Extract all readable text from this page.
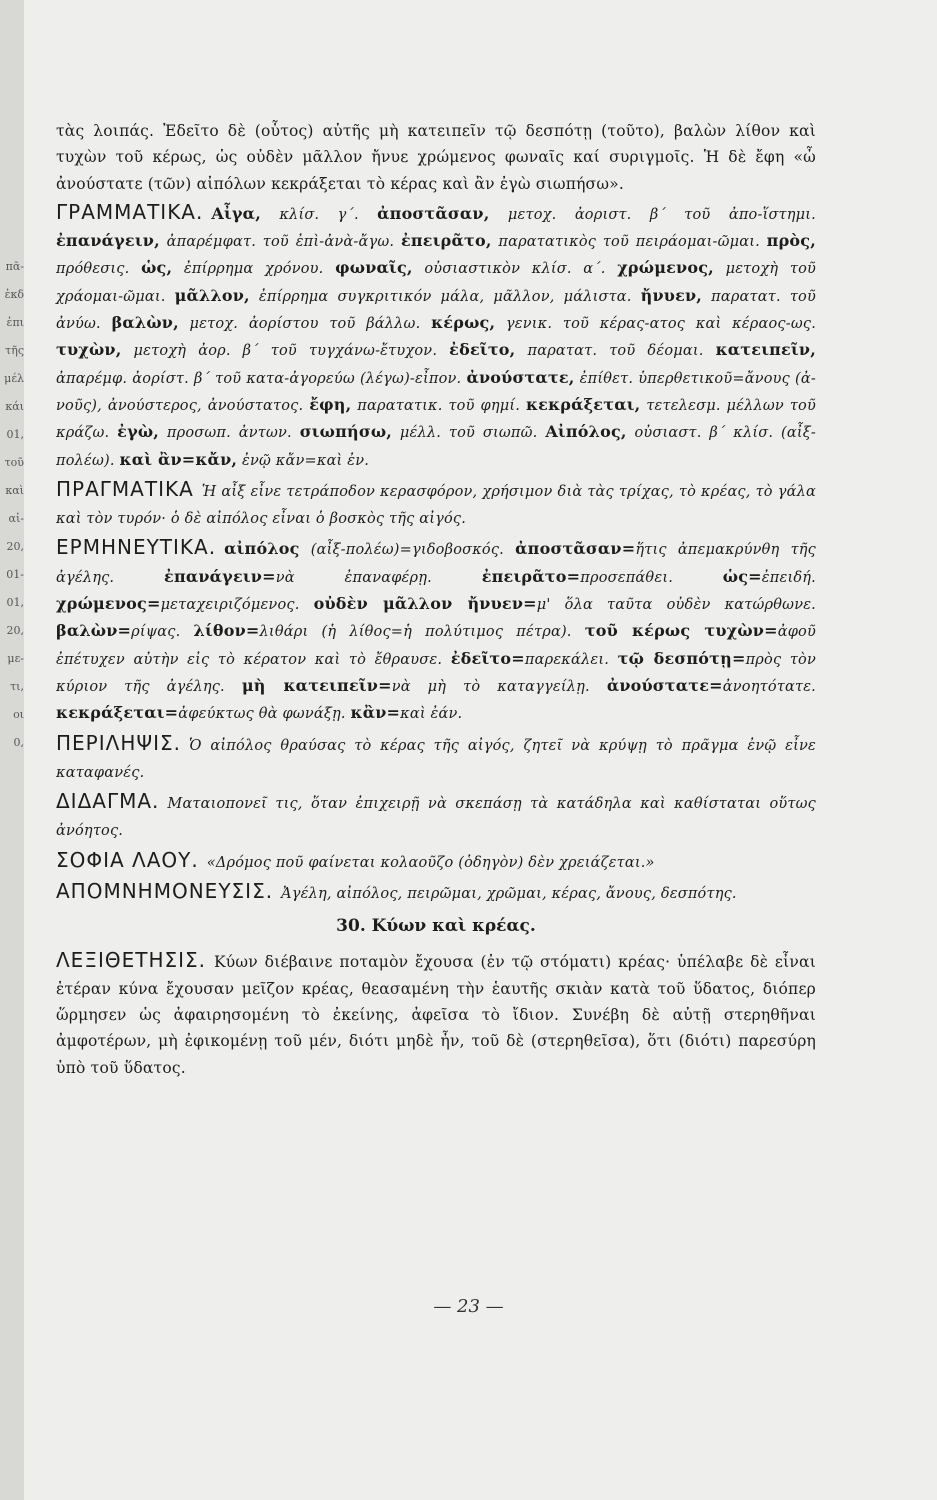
πᾶ-
ἐκδ
ἐπι
τῆς
μέλ
κάι
01,
τοῦ
καὶ
αἱ-
20,
01-
01,
20,
με-
τι,
οι
0,

τὰς λοιπάς. Ἐδεῖτο δὲ (οὗτος) αὐτῆς μὴ κατειπεῖν τῷ δεσπότῃ (τοῦτο), βαλὼν λίθον καὶ τυχὼν τοῦ κέρως, ὡς οὐδὲν μᾶλλον ἤνυε χρώμενος φωναῖς καί συριγμοῖς. Ἡ δὲ ἔφη «ὦ ἀνούστατε (τῶν) αἰπόλων κεκράξεται τὸ κέρας καὶ ἂν ἐγὼ σιωπήσω».

ΓΡΑΜΜΑΤΙΚΑ. Αἶγα, κλίσ. γ΄. ἀποστᾶσαν, μετοχ. ἀοριστ. β΄ τοῦ ἀπο-ἵστημι. ἐπανάγειν, ἀπαρέμφατ. τοῦ ἐπὶ-ἀνὰ-ἄγω. ἐπειρᾶτο, παρατατικὸς τοῦ πειράομαι-ῶμαι. πρὸς, πρόθεσις. ὡς, ἐπίρρημα χρόνου. φωναῖς, οὐσιαστικὸν κλίσ. α΄. χρώμενος, μετοχὴ τοῦ χράομαι-ῶμαι. μᾶλλον, ἐπίρρημα συγκριτικόν μάλα, μᾶλλον, μάλιστα. ἤνυεν, παρατατ. τοῦ ἀνύω. βαλὼν, μετοχ. ἀορίστου τοῦ βάλλω. κέρως, γενικ. τοῦ κέρας-ατος καὶ κέραος-ως. τυχὼν, μετοχὴ ἀορ. β΄ τοῦ τυγχάνω-ἔτυχον. ἐδεῖτο, παρατατ. τοῦ δέομαι. κατειπεῖν, ἀπαρέμφ. ἀορίστ. β΄ τοῦ κατα-ἀγορεύω (λέγω)-εἶπον. ἀνούστατε, ἐπίθετ. ὑπερθετικοῦ=ἄνους (ἀ-νοῦς), ἀνούστερος, ἀνούστατος. ἔφη, παρατατικ. τοῦ φημί. κεκράξεται, τετελεσμ. μέλλων τοῦ κράζω. ἐγὼ, προσωπ. ἀντων. σιωπήσω, μέλλ. τοῦ σιωπῶ. Αἰπόλος, οὐσιαστ. β΄ κλίσ. (αἶξ-πολέω). καὶ ἂν=κἄν, ἐνῷ κἄν=καὶ ἐν.

ΠΡΑΓΜΑΤΙΚΑ Ἡ αἶξ εἶνε τετράποδον κερασφόρον, χρήσιμον διὰ τὰς τρίχας, τὸ κρέας, τὸ γάλα καὶ τὸν τυρόν· ὁ δὲ αἰπόλος εἶναι ὁ βοσκὸς τῆς αἰγός.

ΕΡΜΗΝΕΥΤΙΚΑ. αἰπόλος (αἶξ-πολέω)=γιδοβοσκός. ἀποστᾶσαν=ἥτις ἀπεμακρύνθη τῆς ἀγέλης. ἐπανάγειν=νὰ ἐπαναφέρῃ. ἐπειρᾶτο=προσεπάθει. ὡς=ἐπειδή. χρώμενος=μεταχειριζόμενος. οὐδὲν μᾶλλον ἤνυεν=μ' ὅλα ταῦτα οὐδὲν κατώρθωνε. βαλὼν=ρίψας. λίθον=λιθάρι (ἡ λίθος=ἡ πολύτιμος πέτρα). τοῦ κέρως τυχὼν=ἀφοῦ ἐπέτυχεν αὐτὴν εἰς τὸ κέρατον καὶ τὸ ἔθραυσε. ἐδεῖτο=παρεκάλει. τῷ δεσπότῃ=πρὸς τὸν κύριον τῆς ἀγέλης. μὴ κατειπεῖν=νὰ μὴ τὸ καταγγείλῃ. ἀνούστατε=ἀνοητότατε. κεκράξεται=ἀφεύκτως θὰ φωνάξῃ. κἂν=καὶ ἐάν.

ΠΕΡΙΛΗΨΙΣ. Ὁ αἰπόλος θραύσας τὸ κέρας τῆς αἰγός, ζητεῖ νὰ κρύψῃ τὸ πρᾶγμα ἐνῷ εἶνε καταφανές.

ΔΙΔΑΓΜΑ. Ματαιοπονεῖ τις, ὅταν ἐπιχειρῇ νὰ σκεπάσῃ τὰ κατάδηλα καὶ καθίσταται οὕτως ἀνόητος.

ΣΟΦΙΑ ΛΑΟΥ. «Δρόμος ποῦ φαίνεται κολαοῦζο (ὁδηγὸν) δὲν χρειάζεται.»

ΑΠΟΜΝΗΜΟΝΕΥΣΙΣ. Ἀγέλη, αἰπόλος, πειρῶμαι, χρῶμαι, κέρας, ἄνους, δεσπότης.

30. Κύων καὶ κρέας.

ΛΕΞΙΘΕΤΗΣΙΣ. Κύων διέβαινε ποταμὸν ἔχουσα (ἐν τῷ στόματι) κρέας· ὑπέλαβε δὲ εἶναι ἑτέραν κύνα ἔχουσαν μεῖζον κρέας, θεασαμένη τὴν ἑαυτῆς σκιὰν κατὰ τοῦ ὕδατος, διόπερ ὥρμησεν ὡς ἀφαιρησομένη τὸ ἐκείνης, ἀφεῖσα τὸ ἴδιον. Συνέβη δὲ αὐτῇ στερηθῆναι ἀμφοτέρων, μὴ ἐφικομένῃ τοῦ μέν, διότι μηδὲ ἦν, τοῦ δὲ (στερηθεῖσα), ὅτι (διότι) παρεσύρη ὑπὸ τοῦ ὕδατος.

— 23 —
